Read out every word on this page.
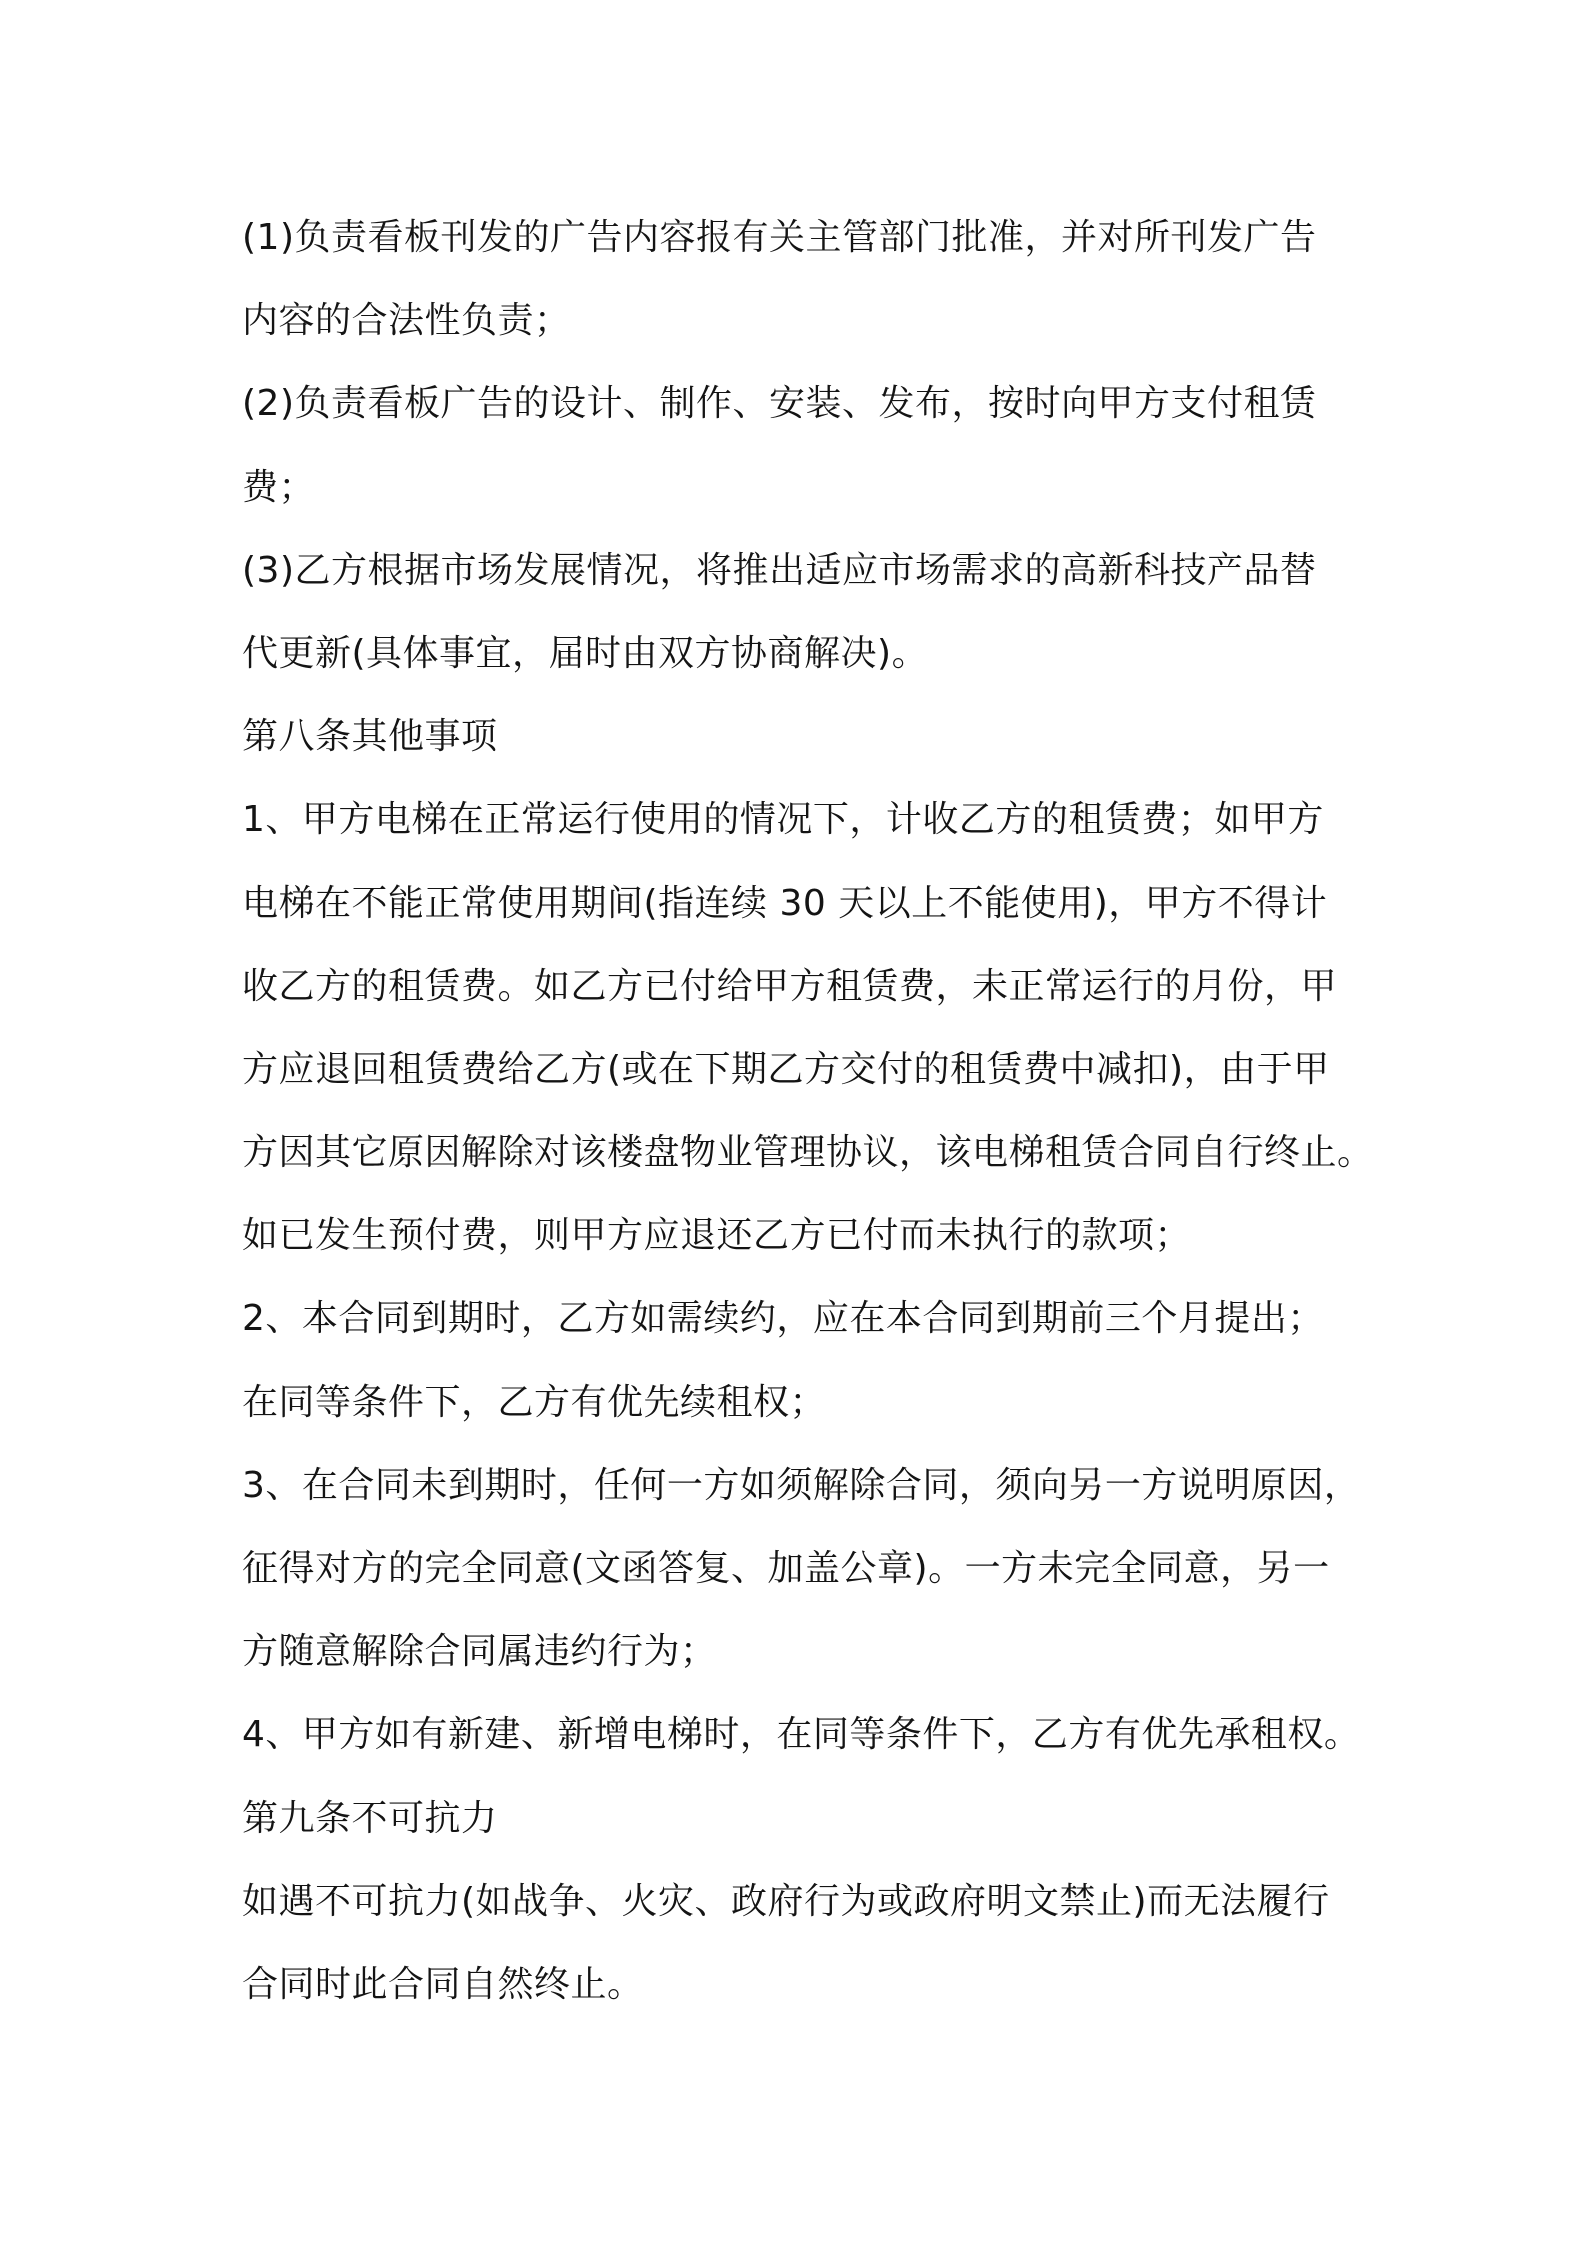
(1)负责看板刊发的广告内容报有关主管部门批准，并对所刊发广告
内容的合法性负责；
(2)负责看板广告的设计、制作、安装、发布，按时向甲方支付租赁
费；
(3)乙方根据市场发展情况，将推出适应市场需求的高新科技产品替
代更新(具体事宜，届时由双方协商解决)。
第八条其他事项
1、甲方电梯在正常运行使用的情况下，计收乙方的租赁费；如甲方
电梯在不能正常使用期间(指连续 30 天以上不能使用)，甲方不得计
收乙方的租赁费。如乙方已付给甲方租赁费，未正常运行的月份，甲
方应退回租赁费给乙方(或在下期乙方交付的租赁费中减扣)，由于甲
方因其它原因解除对该楼盘物业管理协议，该电梯租赁合同自行终止。
如已发生预付费，则甲方应退还乙方已付而未执行的款项；
2、本合同到期时，乙方如需续约，应在本合同到期前三个月提出；
在同等条件下，乙方有优先续租权；
3、在合同未到期时，任何一方如须解除合同，须向另一方说明原因，
征得对方的完全同意(文函答复、加盖公章)。一方未完全同意，另一
方随意解除合同属违约行为；
4、甲方如有新建、新增电梯时，在同等条件下，乙方有优先承租权。
第九条不可抗力
如遇不可抗力(如战争、火灾、政府行为或政府明文禁止)而无法履行
合同时此合同自然终止。
